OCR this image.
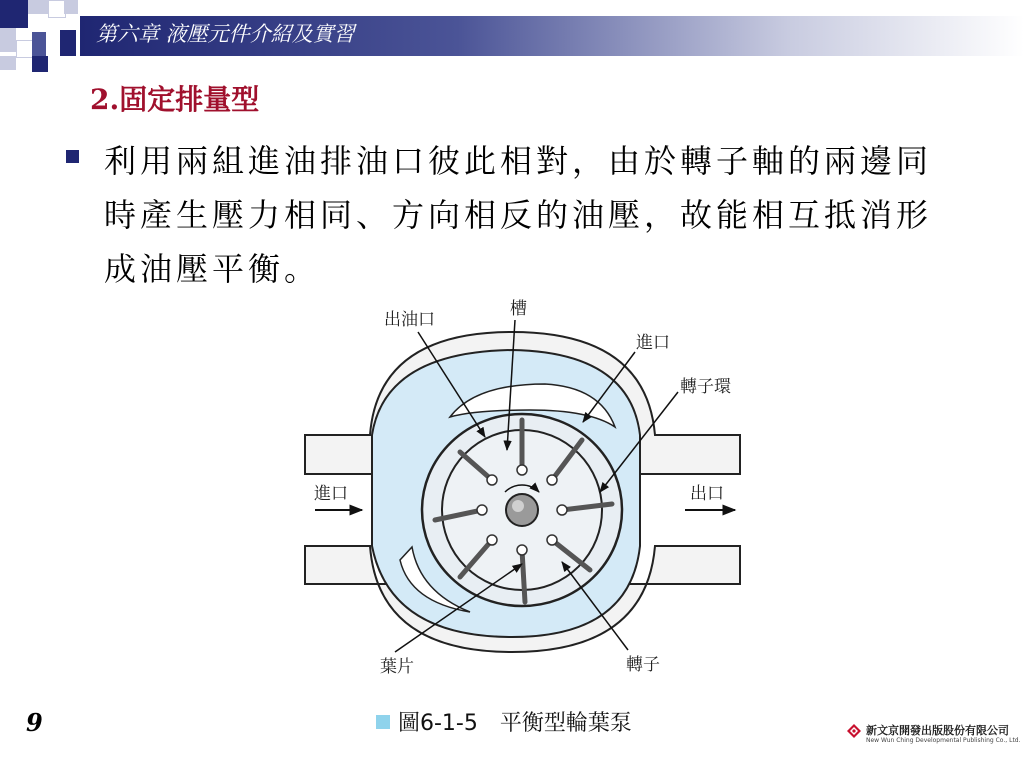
第六章 液壓元件介紹及實習
2.固定排量型
利用兩組進油排油口彼此相對，由於轉子軸的兩邊同時產生壓力相同、方向相反的油壓，故能相互抵消形成油壓平衡。
出油口
槽
進口
轉子環
進口	出口
葉片	轉子
圖6-1-5　平衡型輪葉泵
9	新文京開發出版股份有限公司
New Wun Ching Developmental Publishing Co., Ltd.
